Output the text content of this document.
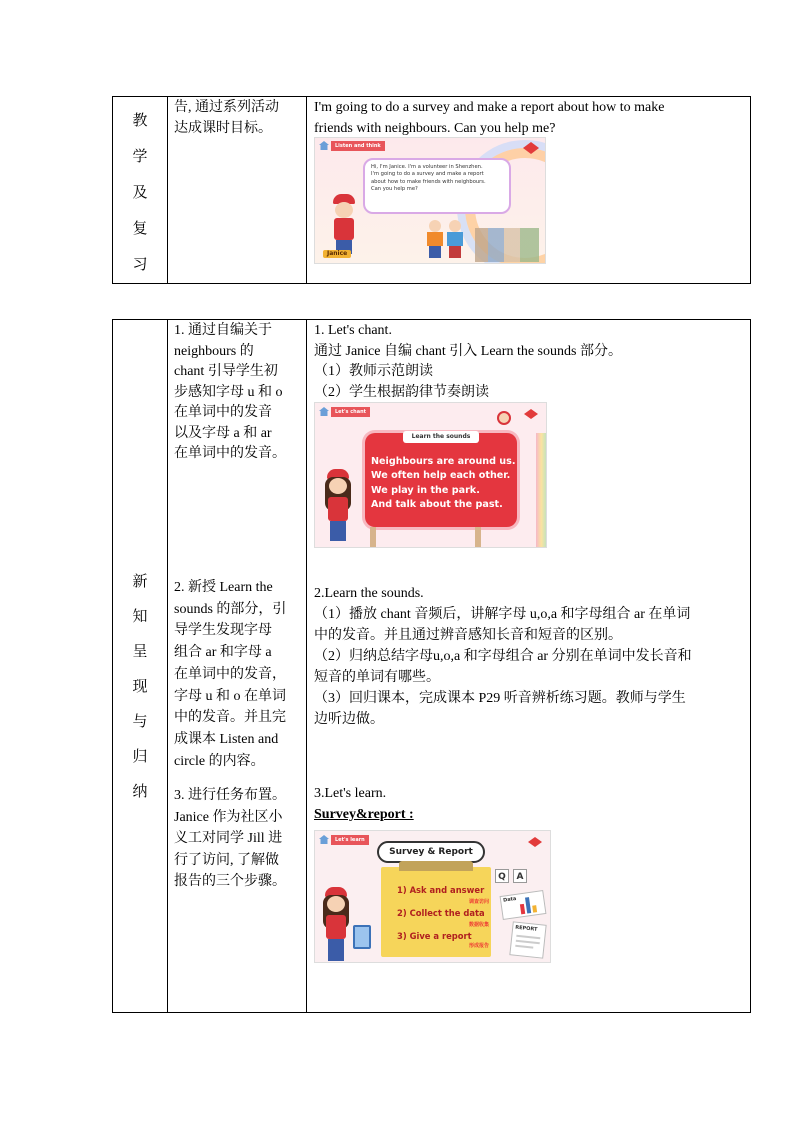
教
学
及
复
习
告, 通过系列活动
达成课时目标。
I'm going to do a survey and make a report about how to make
friends with neighbours. Can you help me?
Listen and think
Hi, I'm Janice. I'm a volunteer in Shenzhen.
I'm going to do a survey and make a report
about how to make friends with neighbours.
Can you help me?
Janice
新
知
呈
现
与
归
纳
1. 通过自编关于
neighbours 的
chant 引导学生初
步感知字母 u 和 o
在单词中的发音
以及字母 a 和 ar
在单词中的发音。
2. 新授 Learn the
sounds 的部分，引
导学生发现字母
组合 ar 和字母 a
在单词中的发音，
字母 u 和 o 在单词
中的发音。并且完
成课本 Listen and
circle 的内容。
3. 进行任务布置。
Janice 作为社区小
义工对同学 Jill 进
行了访问, 了解做
报告的三个步骤。
1. Let's chant.
通过 Janice 自编 chant 引入 Learn the sounds 部分。
（1）教师示范朗读
（2）学生根据韵律节奏朗读
Let's chant
Learn the sounds
Neighbours are around us.
We often help each other.
We play in the park.
And talk about the past.
2.Learn the sounds.
（1）播放 chant 音频后，讲解字母 u,o,a 和字母组合 ar 在单词
中的发音。并且通过辨音感知长音和短音的区别。
（2）归纳总结字母u,o,a 和字母组合 ar 分别在单词中发长音和
短音的单词有哪些。
（3）回归课本，完成课本 P29 听音辨析练习题。教师与学生
边听边做。
3.Let's learn.
Survey&report :
Let's learn
Survey & Report
1) Ask and answer
调查访问
2) Collect the data
数据收集
3) Give a report
形成报告
Q A
Data
REPORT
